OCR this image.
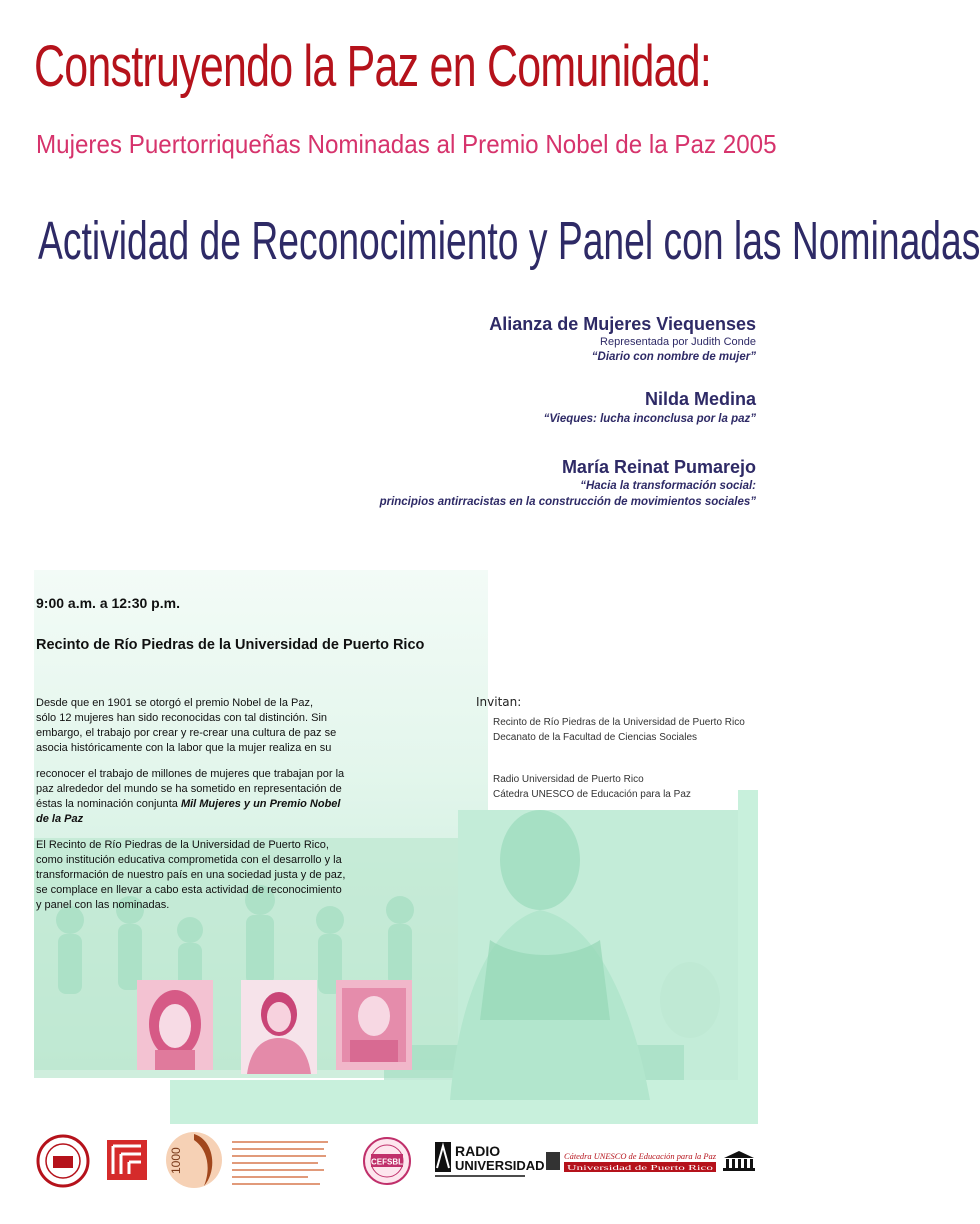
Construyendo la Paz en Comunidad:
Mujeres Puertorriqueñas Nominadas al Premio Nobel de la Paz 2005
Actividad de Reconocimiento y Panel con las Nominadas
Alianza de Mujeres Viequenses
Representada por Judith Conde
“Diario con nombre de mujer”
Nilda Medina
“Vieques: lucha inconclusa por la paz”
María Reinat Pumarejo
“Hacia la transformación social:
principios antirracistas en la construcción de movimientos sociales”
9:00 a.m. a 12:30 p.m.
Recinto de Río Piedras de la Universidad de Puerto Rico
Desde que en 1901 se otorgó el premio Nobel de la Paz,
sólo 12 mujeres han sido reconocidas con tal distinción. Sin
embargo, el trabajo por crear y re-crear una cultura de paz se
asocia históricamente con la labor que la mujer realiza en su
reconocer el trabajo de millones de mujeres que trabajan por la
paz alrededor del mundo se ha sometido en representación de
éstas la nominación conjunta Mil Mujeres y un Premio Nobel
de la Paz
El Recinto de Río Piedras de la Universidad de Puerto Rico,
como institución educativa comprometida con el desarrollo y la
transformación de nuestro país en una sociedad justa y de paz,
se complace en llevar a cabo esta actividad de reconocimiento
y panel con las nominadas.
Invitan:
Recinto de Río Piedras de la Universidad de Puerto Rico
Decanato de la Facultad de Ciencias Sociales
Radio Universidad de Puerto Rico
Cátedra UNESCO de Educación para la Paz
1000	CEFSBL
RADIO
UNIVERSIDAD
Cátedra UNESCO de Educación para la Paz
Universidad de Puerto Rico
